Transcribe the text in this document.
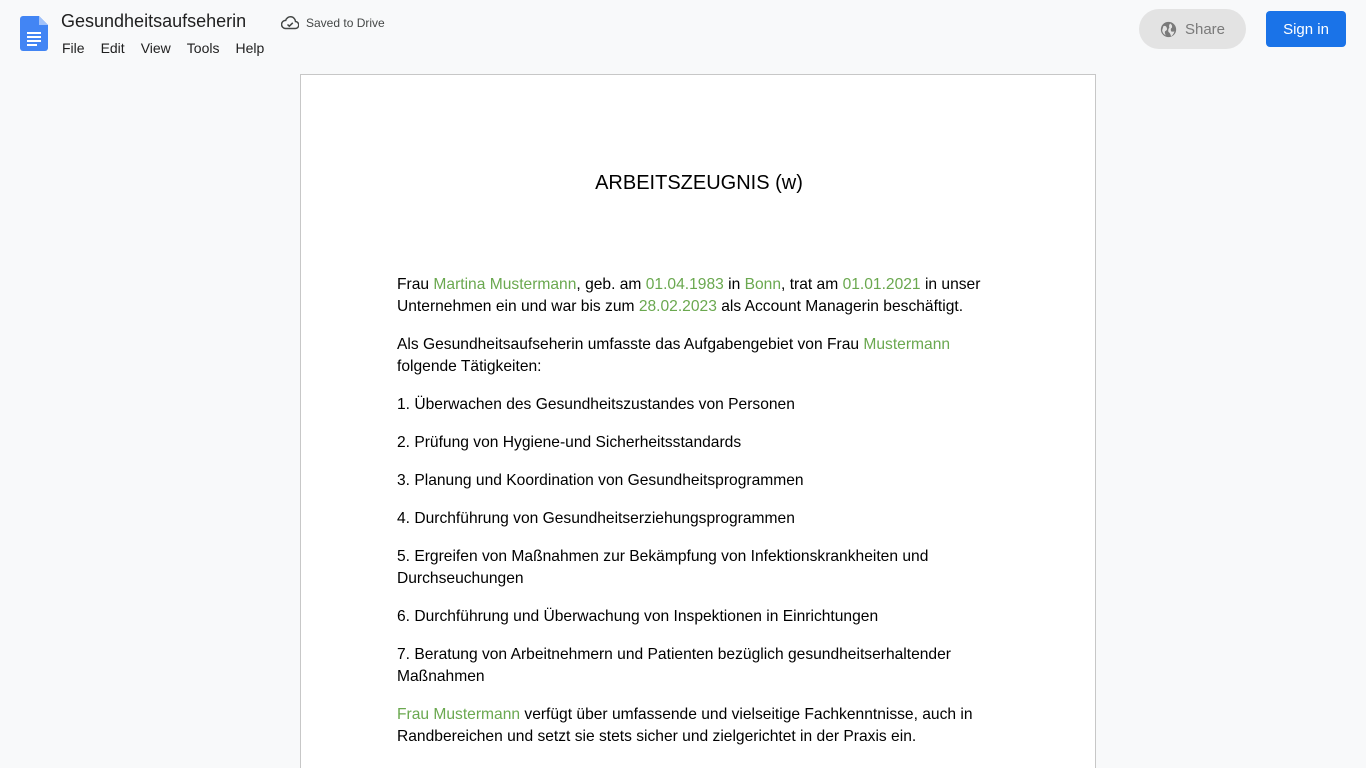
Gesundheitsaufseherin	Saved to Drive
File	Edit	View	Tools	Help
Share	Sign in
ARBEITSZEUGNIS (w)

Frau Martina Mustermann, geb. am 01.04.1983 in Bonn, trat am 01.01.2021 in unser Unternehmen ein und war bis zum 28.02.2023 als Account Managerin beschäftigt.

Als Gesundheitsaufseherin umfasste das Aufgabengebiet von Frau Mustermann folgende Tätigkeiten:

1. Überwachen des Gesundheitszustandes von Personen

2. Prüfung von Hygiene-und Sicherheitsstandards

3. Planung und Koordination von Gesundheitsprogrammen

4. Durchführung von Gesundheitserziehungsprogrammen

5. Ergreifen von Maßnahmen zur Bekämpfung von Infektionskrankheiten und Durchseuchungen

6. Durchführung und Überwachung von Inspektionen in Einrichtungen

7. Beratung von Arbeitnehmern und Patienten bezüglich gesundheitserhaltender Maßnahmen

Frau Mustermann verfügt über umfassende und vielseitige Fachkenntnisse, auch in Randbereichen und setzt sie stets sicher und zielgerichtet in der Praxis ein.
